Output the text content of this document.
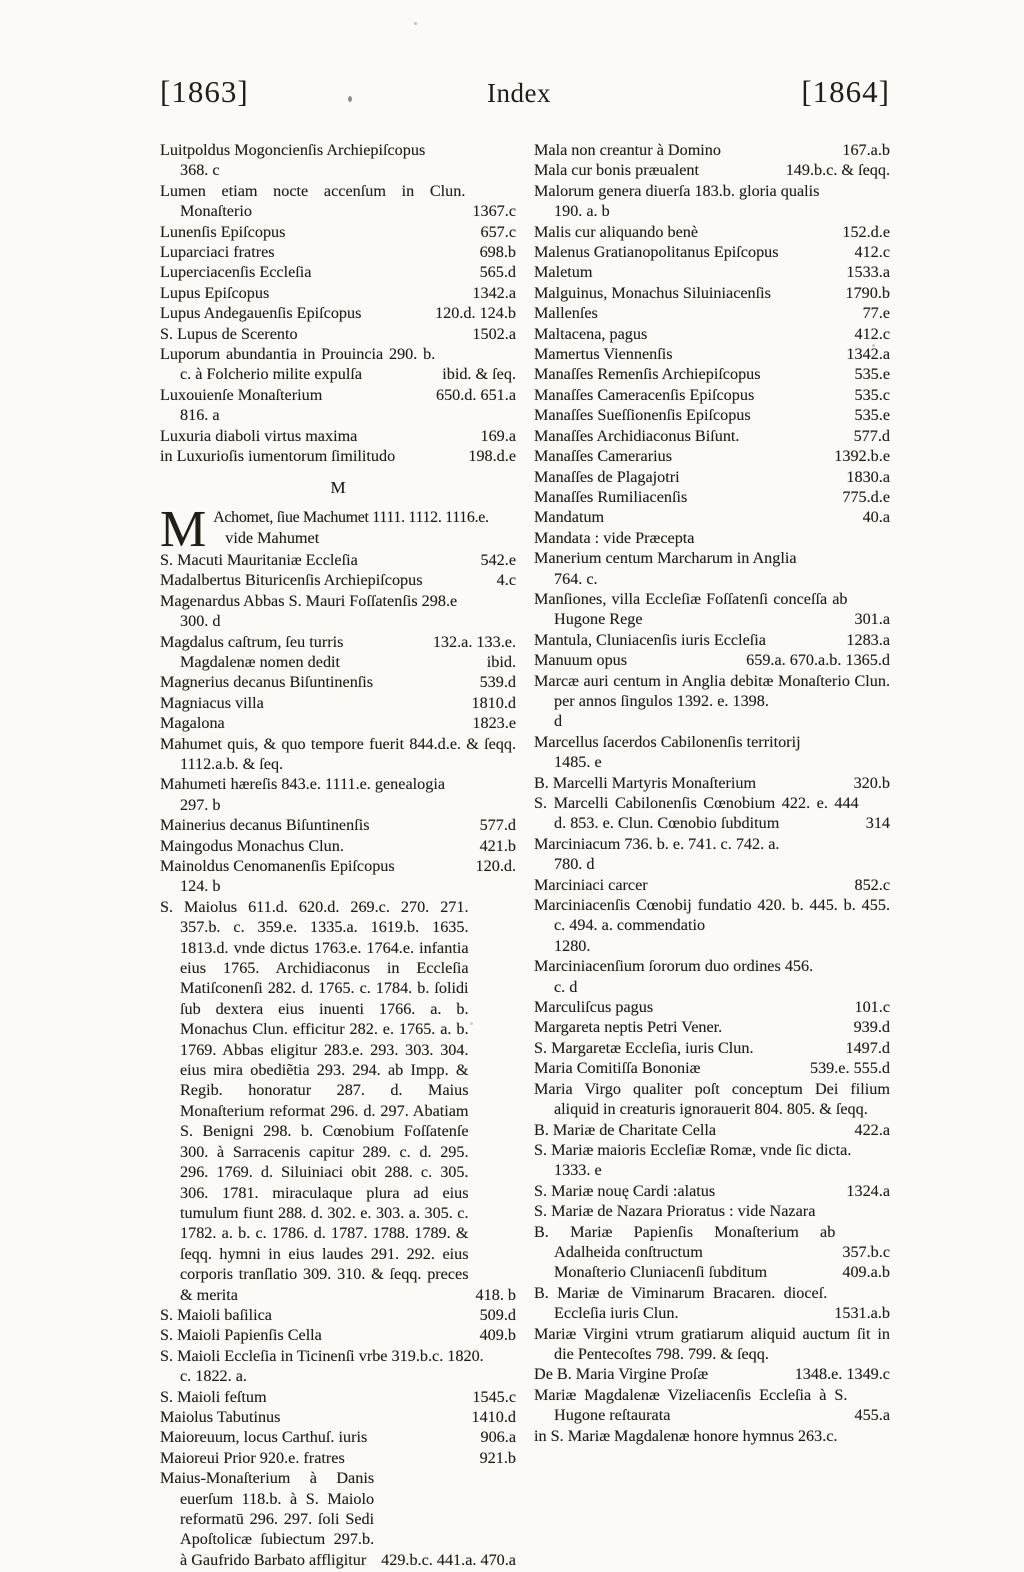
[1863]	Index	[1864]
Luitpoldus Mogoncienſis Archiepiſcopus
368. c
Lumen etiam nocte accenſum in Clun. Monaſterio	1367.c
Lunenſis Epiſcopus	657.c
Luparciaci fratres	698.b
Luperciacenſis Eccleſia	565.d
Lupus Epiſcopus	1342.a
Lupus Andegauenſis Epiſcopus	120.d. 124.b
S. Lupus de Scerento	1502.a
Luporum abundantia in Prouincia 290. b. c. à Folcherio milite expulſa	ibid. & ſeq.
Luxouienſe Monaſterium	650.d. 651.a
816. a
Luxuria diaboli virtus maxima	169.a
in Luxurioſis iumentorum ſimilitudo	198.d.e
M
M Achomet, ſiue Machumet 1111. 1112. 1116.e.
vide Mahumet
S. Macuti Mauritaniæ Eccleſia	542.e
Madalbertus Bituricenſis Archiepiſcopus	4.c
Magenardus Abbas S. Mauri Foſſatenſis 298.e
300. d
Magdalus caſtrum, ſeu turris	132.a. 133.e.
Magdalenæ nomen dedit	ibid.
Magnerius decanus Biſuntinenſis	539.d
Magniacus villa	1810.d
Magalona	1823.e
Mahumet quis, & quo tempore fuerit 844.d.e. & ſeqq. 1112.a.b. & ſeq.
Mahumeti hæreſis 843.e. 1111.e. genealogia
297. b
Mainerius decanus Biſuntinenſis	577.d
Maingodus Monachus Clun.	421.b
Mainoldus Cenomanenſis Epiſcopus	120.d.
124. b
S. Maiolus 611.d. 620.d. 269.c. 270. 271. 357.b. c. 359.e. 1335.a. 1619.b. 1635. 1813.d. vnde dictus 1763.e. 1764.e. infantia eius 1765. Archidiaconus in Eccleſia Matiſconenſi 282. d. 1765. c. 1784. b. ſolidi ſub dextera eius inuenti 1766. a. b. Monachus Clun. efficitur 282. e. 1765. a. b. 1769. Abbas eligitur 283.e. 293. 303. 304. eius mira obediẽtia 293. 294. ab Impp. & Regib. honoratur 287. d. Maius Monaſterium reformat 296. d. 297. Abatiam S. Benigni 298. b. Cœnobium Foſſatenſe 300. à Sarracenis capitur 289. c. d. 295. 296. 1769. d. Siluiniaci obit 288. c. 305. 306. 1781. miraculaque plura ad eius tumulum fiunt 288. d. 302. e. 303. a. 305. c. 1782. a. b. c. 1786. d. 1787. 1788. 1789. & ſeqq. hymni in eius laudes 291. 292. eius corporis tranſlatio 309. 310. & ſeqq. preces & merita	418. b
S. Maioli baſilica	509.d
S. Maioli Papienſis Cella	409.b
S. Maioli Eccleſia in Ticinenſi vrbe 319.b.c. 1820.
c. 1822. a.
S. Maioli feſtum	1545.c
Maiolus Tabutinus	1410.d
Maioreuum, locus Carthuſ. iuris	906.a
Maioreui Prior 920.e. fratres	921.b
Maius-Monaſterium à Danis euerſum 118.b. à S. Maiolo reformatū 296. 297. ſoli Sedi Apoſtolicæ ſubiectum 297.b. à Gaufrido Barbato affligitur 429.b.c. 441.a. 470.a
Mala non creantur à Domino	167.a.b
Mala cur bonis præualent	149.b.c. & ſeqq.
Malorum genera diuerſa 183.b. gloria qualis
190. a. b
Malis cur aliquando benè	152.d.e
Malenus Gratianopolitanus Epiſcopus	412.c
Maletum	1533.a
Malguinus, Monachus Siluiniacenſis	1790.b
Mallenſes	77.e
Maltacena, pagus	412.c
Mamertus Viennenſis	1342.a
Manaſſes Remenſis Archiepiſcopus	535.e
Manaſſes Cameracenſis Epiſcopus	535.c
Manaſſes Sueſſionenſis Epiſcopus	535.e
Manaſſes Archidiaconus Biſunt.	577.d
Manaſſes Camerarius	1392.b.e
Manaſſes de Plagajotri	1830.a
Manaſſes Rumiliacenſis	775.d.e
Mandatum	40.a
Mandata : vide Præcepta
Manerium centum Marcharum in Anglia
764. c.
Manſiones, villa Eccleſiæ Foſſatenſi conceſſa ab Hugone Rege	301.a
Mantula, Cluniacenſis iuris Eccleſia	1283.a
Manuum opus	659.a. 670.a.b. 1365.d
Marcæ auri centum in Anglia debitæ Monaſterio Clun. per annos ſingulos 1392. e. 1398.
d
Marcellus ſacerdos Cabilonenſis territorij
1485. e
B. Marcelli Martyris Monaſterium	320.b
S. Marcelli Cabilonenſis Cœnobium 422. e. 444 d. 853. e. Clun. Cœnobio ſubditum	314
Marciniacum 736. b. e. 741. c. 742. a.
780. d
Marciniaci carcer	852.c
Marciniacenſis Cœnobij fundatio 420. b. 445. b. 455. c. 494. a. commendatio
1280.
Marciniacenſium ſororum duo ordines 456.
c. d
Marculiſcus pagus	101.c
Margareta neptis Petri Vener.	939.d
S. Margaretæ Eccleſia, iuris Clun.	1497.d
Maria Comitiſſa Bononiæ	539.e. 555.d
Maria Virgo qualiter poſt conceptum Dei filium aliquid in creaturis ignorauerit 804. 805. & ſeqq.
B. Mariæ de Charitate Cella	422.a
S. Mariæ maioris Eccleſiæ Romæ, vnde ſic dicta.
1333. e
S. Mariæ nouę Cardi :alatus	1324.a
S. Mariæ de Nazara Prioratus : vide Nazara
B. Mariæ Papienſis Monaſterium ab Adalheida conſtructum	357.b.c
Monaſterio Cluniacenſi ſubditum	409.a.b
B. Mariæ de Viminarum Bracaren. dioceſ. Eccleſia iuris Clun.	1531.a.b
Mariæ Virgini vtrum gratiarum aliquid auctum ſit in die Pentecoſtes 798. 799. & ſeqq.
De B. Maria Virgine Proſæ	1348.e. 1349.c
Mariæ Magdalenæ Vizeliacenſis Eccleſia à S. Hugone reſtaurata	455.a
in S. Mariæ Magdalenæ honore hymnus 263.c.
